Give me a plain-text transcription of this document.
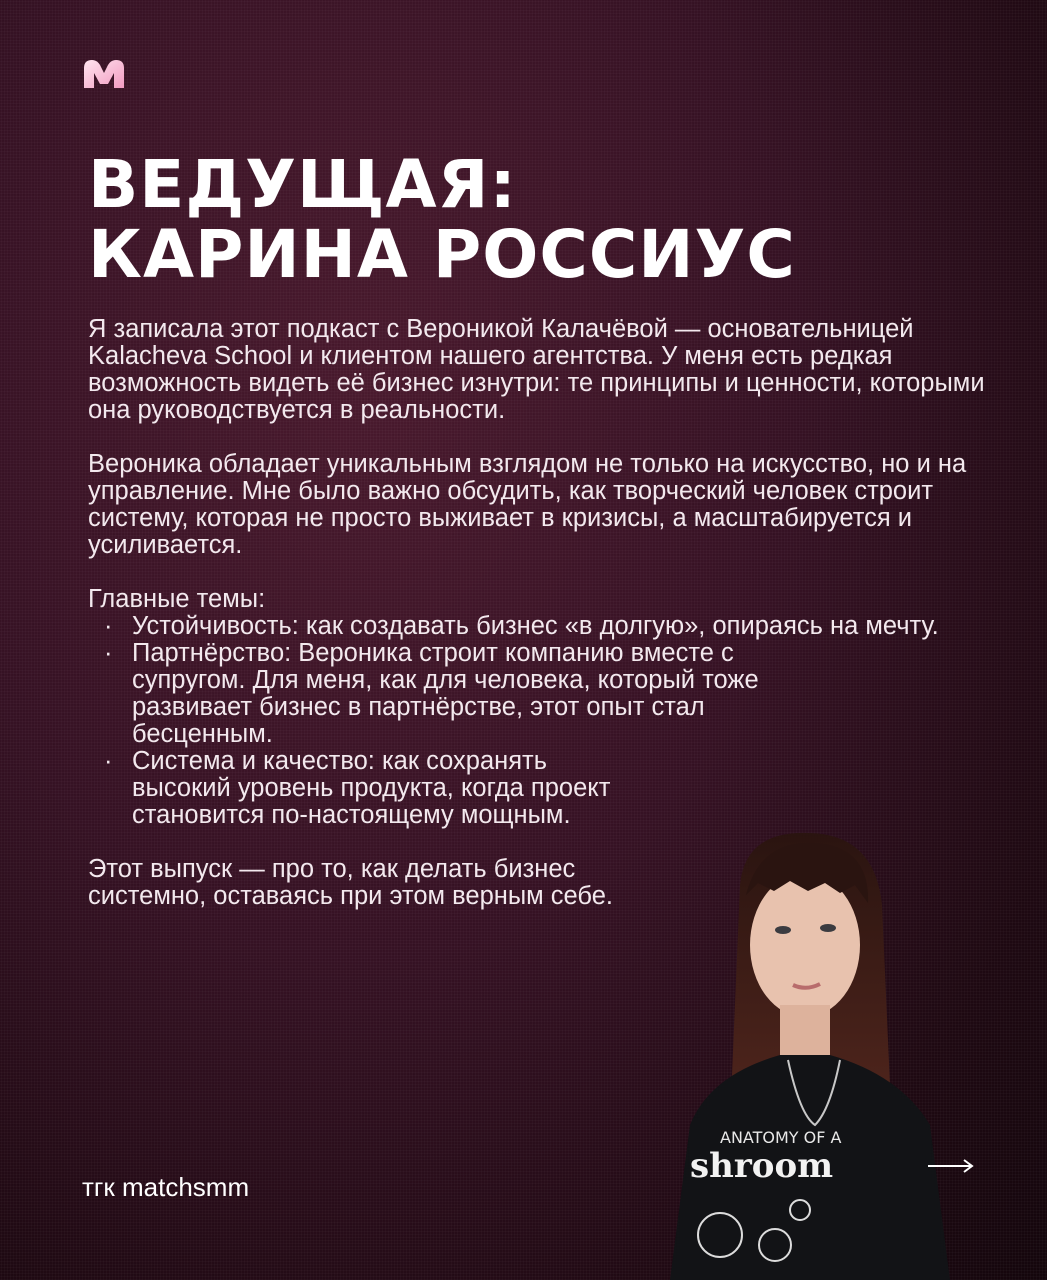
ВЕДУЩАЯ:
КАРИНА РОССИУС

Я записала этот подкаст с Вероникой Калачёвой — основательницей Kalacheva School и клиентом нашего агентства. У меня есть редкая возможность видеть её бизнес изнутри: те принципы и ценности, которыми она руководствуется в реальности.

Вероника обладает уникальным взглядом не только на искусство, но и на управление. Мне было важно обсудить, как творческий человек строит систему, которая не просто выживает в кризисы, а масштабируется и усиливается.

Главные темы:
· Устойчивость: как создавать бизнес «в долгую», опираясь на мечту.
· Партнёрство: Вероника строит компанию вместе с супругом. Для меня, как для человека, который тоже развивает бизнес в партнёрстве, этот опыт стал бесценным.
· Система и качество: как сохранять высокий уровень продукта, когда проект становится по-настоящему мощным.

Этот выпуск — про то, как делать бизнес системно, оставаясь при этом верным себе.

ANATOMY OF A
shroom
тгк matchsmm
